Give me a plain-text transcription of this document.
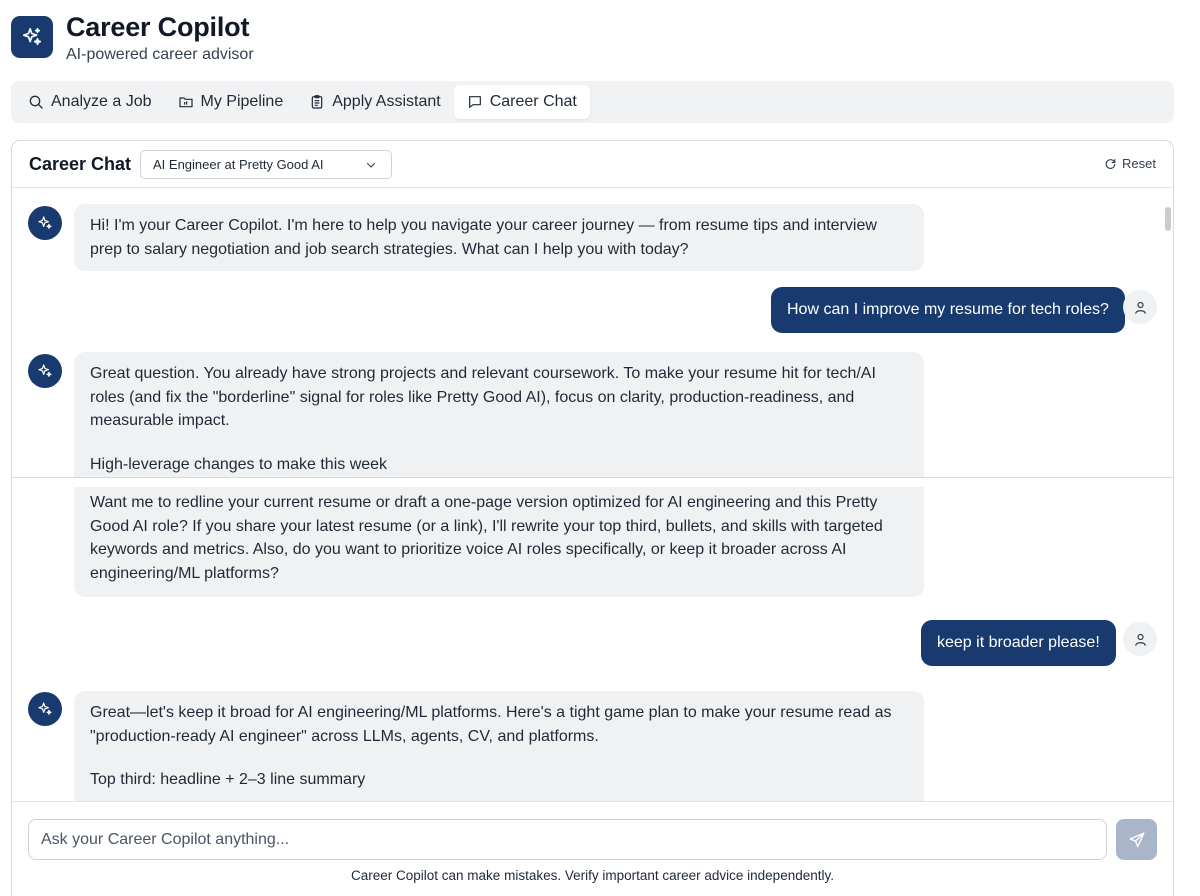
Career Copilot
AI-powered career advisor
Analyze a Job	My Pipeline	Apply Assistant	Career Chat
Career Chat AI Engineer at Pretty Good AI	Reset
Hi! I'm your Career Copilot. I'm here to help you navigate your career journey — from resume tips and interview prep to salary negotiation and job search strategies. What can I help you with today?
How can I improve my resume for tech roles?
Great question. You already have strong projects and relevant coursework. To make your resume hit for tech/AI roles (and fix the "borderline" signal for roles like Pretty Good AI), focus on clarity, production-readiness, and measurable impact.
High-leverage changes to make this week
Want me to redline your current resume or draft a one-page version optimized for AI engineering and this Pretty Good AI role? If you share your latest resume (or a link), I'll rewrite your top third, bullets, and skills with targeted keywords and metrics. Also, do you want to prioritize voice AI roles specifically, or keep it broader across AI engineering/ML platforms?
keep it broader please!
Great—let's keep it broad for AI engineering/ML platforms. Here's a tight game plan to make your resume read as "production-ready AI engineer" across LLMs, agents, CV, and platforms.
Top third: headline + 2–3 line summary
Ask your Career Copilot anything...
Career Copilot can make mistakes. Verify important career advice independently.
